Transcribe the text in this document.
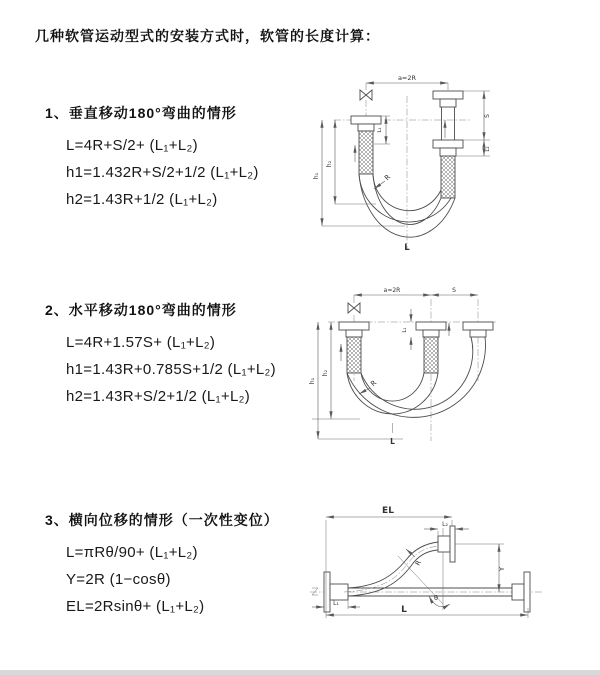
几种软管运动型式的安装方式时，软管的长度计算：
1、垂直移动180°弯曲的情形
L=4R+S/2+ (L₁+L₂)
h1=1.432R+S/2+1/2 (L₁+L₂)
h2=1.43R+1/2 (L₁+L₂)
2、水平移动180°弯曲的情形
L=4R+1.57S+ (L₁+L₂)
h1=1.43R+0.785S+1/2 (L₁+L₂)
h2=1.43R+S/2+1/2 (L₁+L₂)
3、横向位移的情形（一次性变位）
L=πRθ/90+ (L₁+L₂)
Y=2R (1−cosθ)
EL=2Rsinθ+ (L₁+L₂)
a=2R
h₁
h₂
L₁
S
L₂
R
L
a=2R	S
h₁
h₂
L₁
R
L
θ
EL
L₂
Y
R
L₁
L
